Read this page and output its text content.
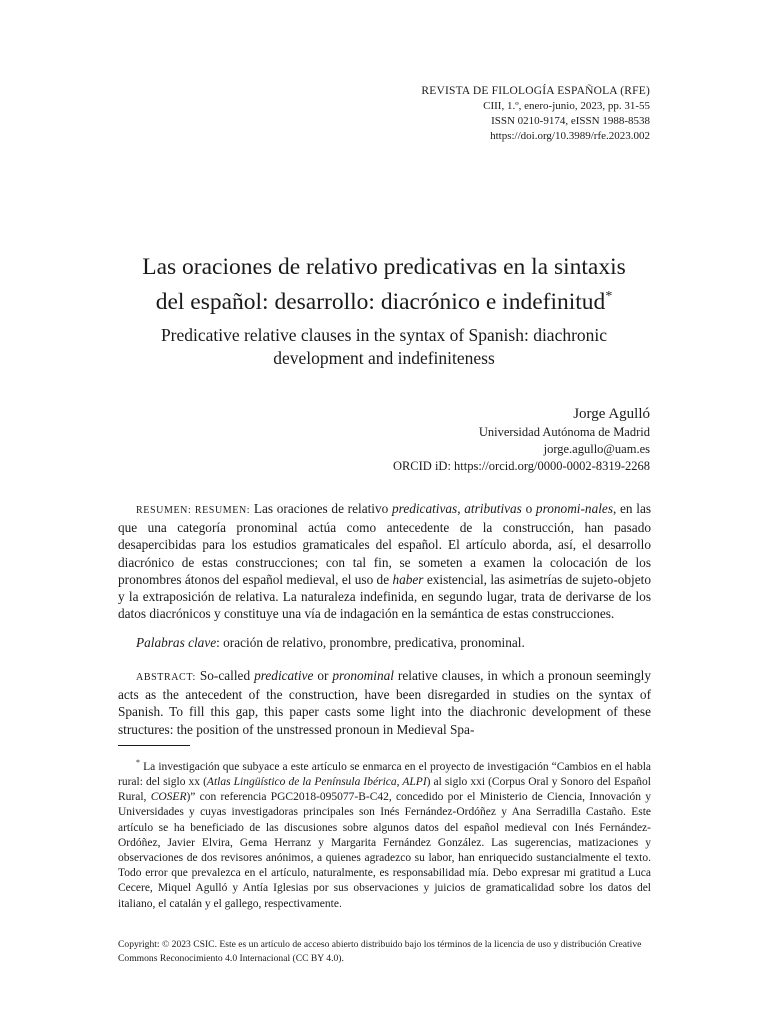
REVISTA DE FILOLOGÍA ESPAÑOLA (RFE)
CIII, 1.º, enero-junio, 2023, pp. 31-55
ISSN 0210-9174, eISSN 1988-8538
https://doi.org/10.3989/rfe.2023.002
Las oraciones de relativo predicativas en la sintaxis
del español: desarrollo: diacrónico e indefinitud*
Predicative relative clauses in the syntax of Spanish: diachronic
development and indefiniteness
Jorge Agulló
Universidad Autónoma de Madrid
jorge.agullo@uam.es
ORCID iD: https://orcid.org/0000-0002-8319-2268
RESUMEN: RESUMEN: Las oraciones de relativo predicativas, atributivas o pronomi-nales, en las que una categoría pronominal actúa como antecedente de la construcción, han pasado desapercibidas para los estudios gramaticales del español. El artículo aborda, así, el desarrollo diacrónico de estas construcciones; con tal fin, se someten a examen la colocación de los pronombres átonos del español medieval, el uso de haber existencial, las asimetrías de sujeto-objeto y la extraposición de relativa. La naturaleza indefinida, en segundo lugar, trata de derivarse de los datos diacrónicos y constituye una vía de indagación en la semántica de estas construcciones.
Palabras clave: oración de relativo, pronombre, predicativa, pronominal.
ABSTRACT: So-called predicative or pronominal relative clauses, in which a pronoun seemingly acts as the antecedent of the construction, have been disregarded in studies on the syntax of Spanish. To fill this gap, this paper casts some light into the diachronic development of these structures: the position of the unstressed pronoun in Medieval Spa-
* La investigación que subyace a este artículo se enmarca en el proyecto de investigación “Cambios en el habla rural: del siglo xx (Atlas Lingüístico de la Península Ibérica, ALPI) al siglo xxi (Corpus Oral y Sonoro del Español Rural, COSER)” con referencia PGC2018-095077-B-C42, concedido por el Ministerio de Ciencia, Innovación y Universidades y cuyas investigadoras principales son Inés Fernández-Ordóñez y Ana Serradilla Castaño. Este artículo se ha beneficiado de las discusiones sobre algunos datos del español medieval con Inés Fernández-Ordóñez, Javier Elvira, Gema Herranz y Margarita Fernández González. Las sugerencias, matizaciones y observaciones de dos revisores anónimos, a quienes agradezco su labor, han enriquecido sustancialmente el texto. Todo error que prevalezca en el artículo, naturalmente, es responsabilidad mía. Debo expresar mi gratitud a Luca Cecere, Miquel Agulló y Antía Iglesias por sus observaciones y juicios de gramaticalidad sobre los datos del italiano, el catalán y el gallego, respectivamente.
Copyright: © 2023 CSIC. Este es un artículo de acceso abierto distribuido bajo los términos de la licencia de uso y distribución Creative Commons Reconocimiento 4.0 Internacional (CC BY 4.0).
